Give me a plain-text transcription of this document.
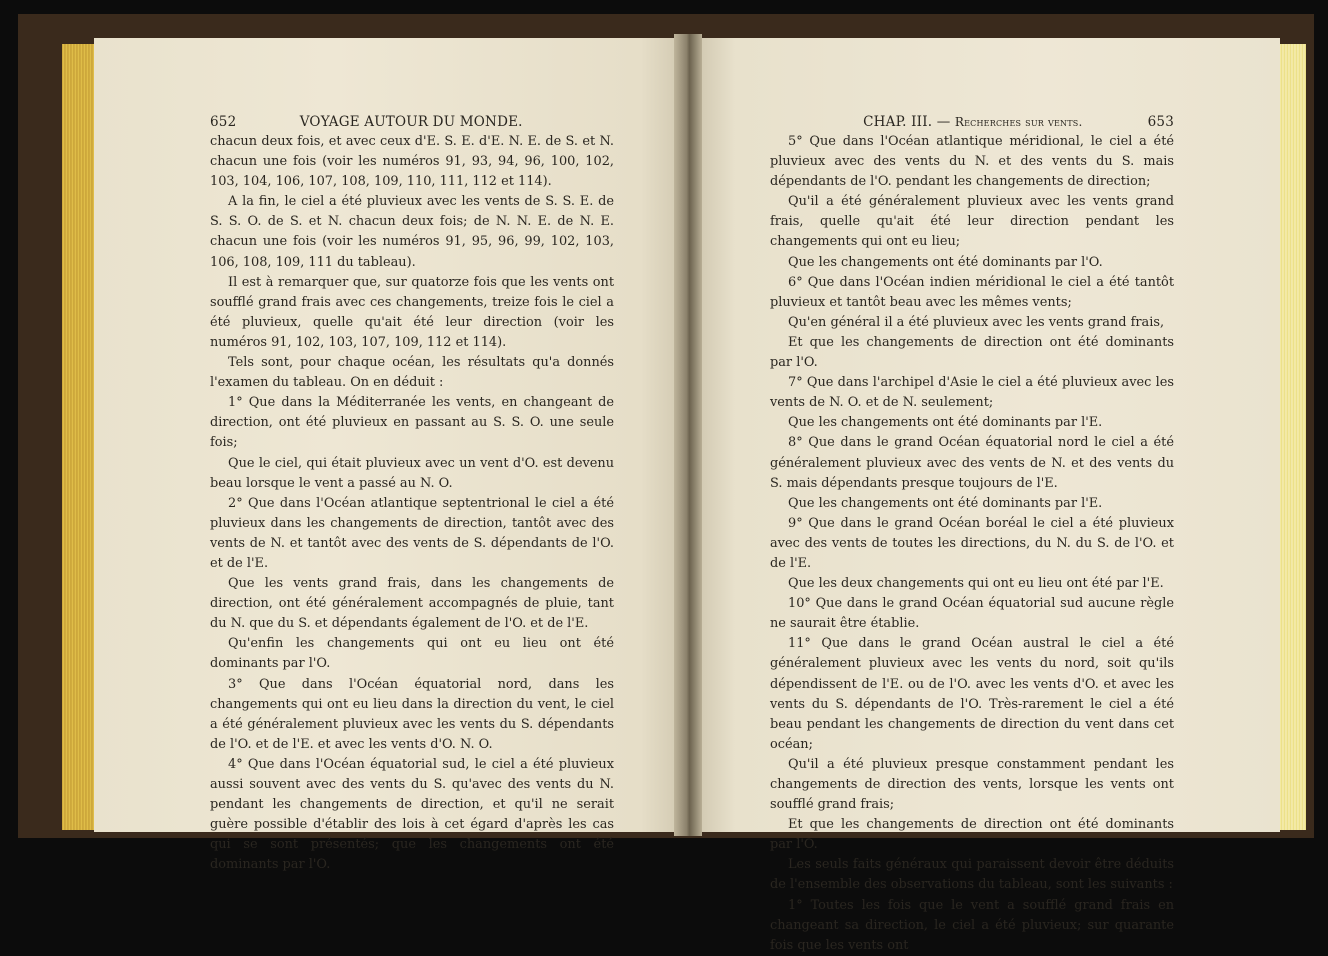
652	VOYAGE AUTOUR DU MONDE.

chacun deux fois, et avec ceux d'E. S. E. d'E. N. E. de S. et N. chacun une fois (voir les numéros 91, 93, 94, 96, 100, 102, 103, 104, 106, 107, 108, 109, 110, 111, 112 et 114).

A la fin, le ciel a été pluvieux avec les vents de S. S. E. de S. S. O. de S. et N. chacun deux fois; de N. N. E. de N. E. chacun une fois (voir les numéros 91, 95, 96, 99, 102, 103, 106, 108, 109, 111 du tableau).

Il est à remarquer que, sur quatorze fois que les vents ont soufflé grand frais avec ces changements, treize fois le ciel a été pluvieux, quelle qu'ait été leur direction (voir les numéros 91, 102, 103, 107, 109, 112 et 114).

Tels sont, pour chaque océan, les résultats qu'a donnés l'examen du tableau. On en déduit :

1° Que dans la Méditerranée les vents, en changeant de direction, ont été pluvieux en passant au S. S. O. une seule fois;

Que le ciel, qui était pluvieux avec un vent d'O. est devenu beau lorsque le vent a passé au N. O.

2° Que dans l'Océan atlantique septentrional le ciel a été pluvieux dans les changements de direction, tantôt avec des vents de N. et tantôt avec des vents de S. dépendants de l'O. et de l'E.

Que les vents grand frais, dans les changements de direction, ont été généralement accompagnés de pluie, tant du N. que du S. et dépendants également de l'O. et de l'E.

Qu'enfin les changements qui ont eu lieu ont été dominants par l'O.

3° Que dans l'Océan équatorial nord, dans les changements qui ont eu lieu dans la direction du vent, le ciel a été généralement pluvieux avec les vents du S. dépendants de l'O. et de l'E. et avec les vents d'O. N. O.

4° Que dans l'Océan équatorial sud, le ciel a été pluvieux aussi souvent avec des vents du S. qu'avec des vents du N. pendant les changements de direction, et qu'il ne serait guère possible d'établir des lois à cet égard d'après les cas qui se sont présentés; que les changements ont été dominants par l'O.

CHAP. III. — Recherches sur vents.	653

5° Que dans l'Océan atlantique méridional, le ciel a été pluvieux avec des vents du N. et des vents du S. mais dépendants de l'O. pendant les changements de direction;

Qu'il a été généralement pluvieux avec les vents grand frais, quelle qu'ait été leur direction pendant les changements qui ont eu lieu;

Que les changements ont été dominants par l'O.

6° Que dans l'Océan indien méridional le ciel a été tantôt pluvieux et tantôt beau avec les mêmes vents;

Qu'en général il a été pluvieux avec les vents grand frais,

Et que les changements de direction ont été dominants par l'O.

7° Que dans l'archipel d'Asie le ciel a été pluvieux avec les vents de N. O. et de N. seulement;

Que les changements ont été dominants par l'E.

8° Que dans le grand Océan équatorial nord le ciel a été généralement pluvieux avec des vents de N. et des vents du S. mais dépendants presque toujours de l'E.

Que les changements ont été dominants par l'E.

9° Que dans le grand Océan boréal le ciel a été pluvieux avec des vents de toutes les directions, du N. du S. de l'O. et de l'E.

Que les deux changements qui ont eu lieu ont été par l'E.

10° Que dans le grand Océan équatorial sud aucune règle ne saurait être établie.

11° Que dans le grand Océan austral le ciel a été généralement pluvieux avec les vents du nord, soit qu'ils dépendissent de l'E. ou de l'O. avec les vents d'O. et avec les vents du S. dépendants de l'O. Très-rarement le ciel a été beau pendant les changements de direction du vent dans cet océan;

Qu'il a été pluvieux presque constamment pendant les changements de direction des vents, lorsque les vents ont soufflé grand frais;

Et que les changements de direction ont été dominants par l'O.

Les seuls faits généraux qui paraissent devoir être déduits de l'ensemble des observations du tableau, sont les suivants :

1° Toutes les fois que le vent a soufflé grand frais en changeant sa direction, le ciel a été pluvieux; sur quarante fois que les vents ont
